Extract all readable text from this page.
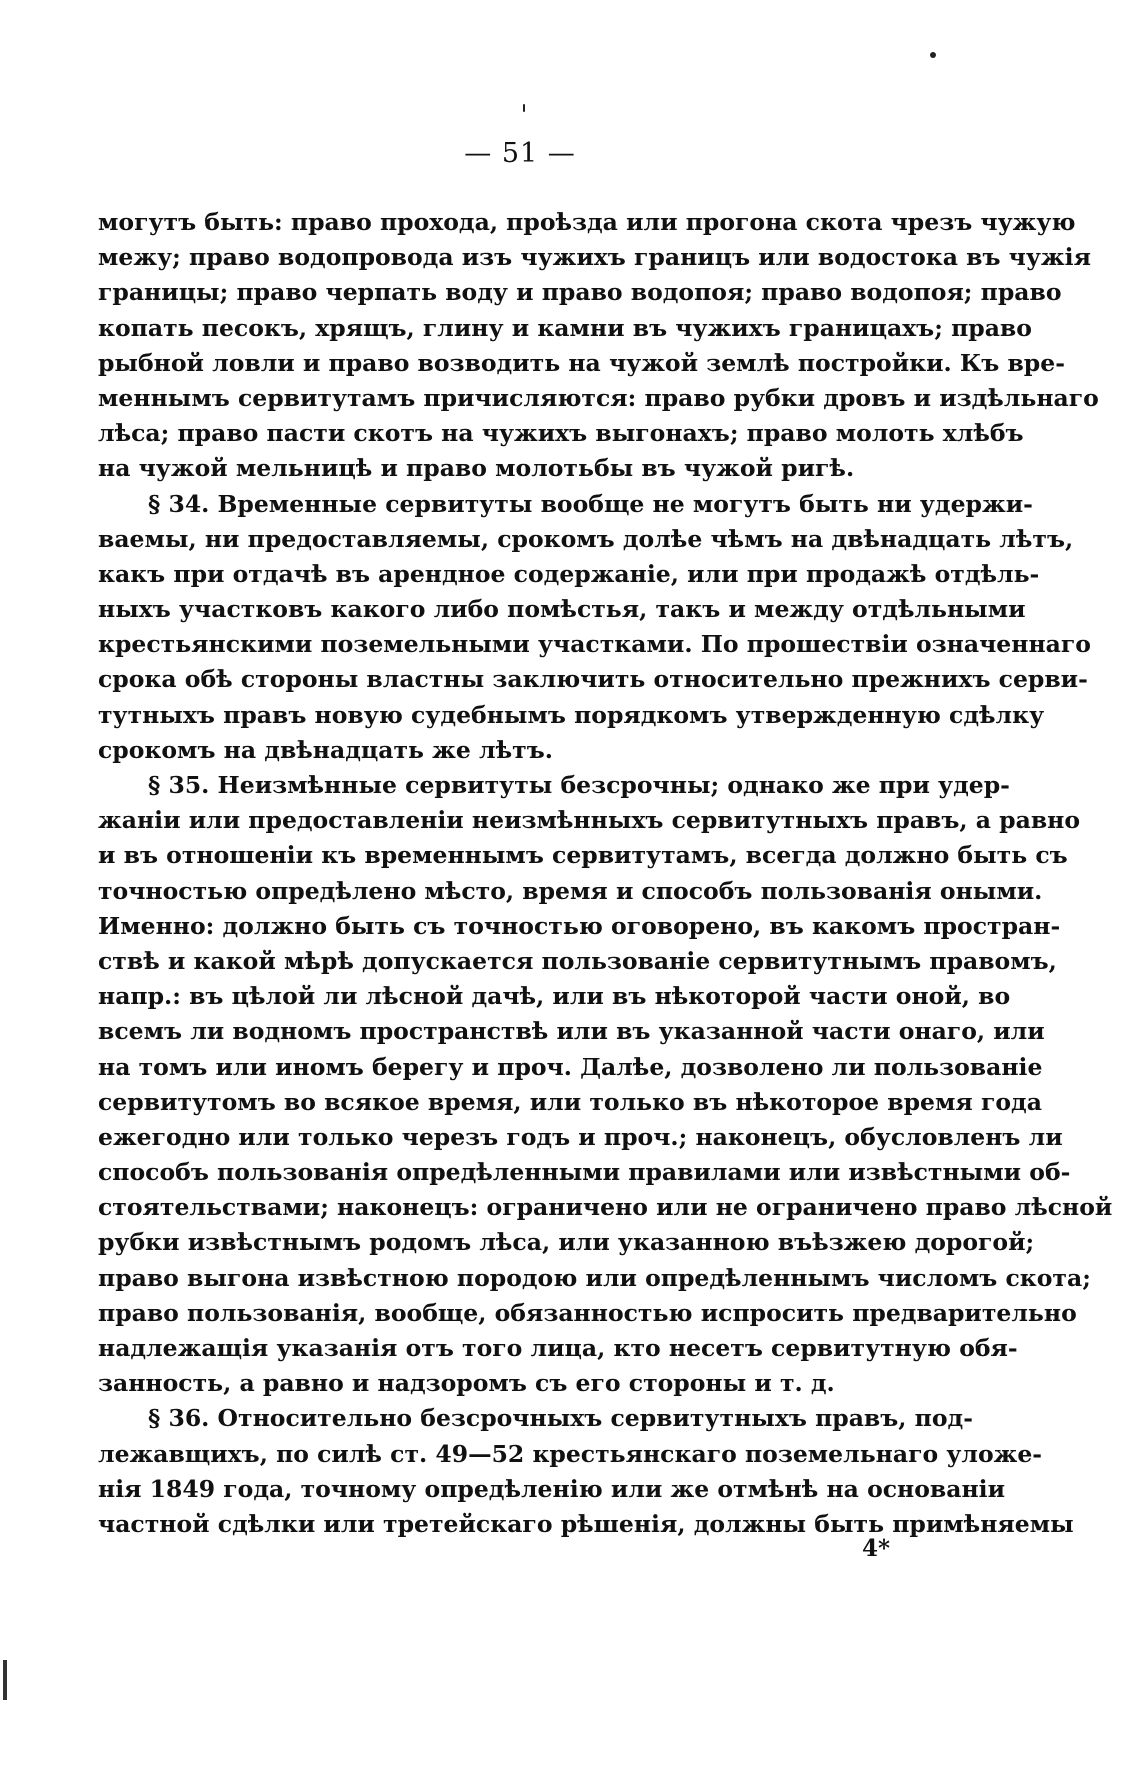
— 51 —
могутъ быть: право прохода, проѣзда или прогона скота чрезъ чужую
межу; право водопровода изъ чужихъ границъ или водостока въ чужія
границы; право черпать воду и право водопоя; право водопоя; право
копать песокъ, хрящъ, глину и камни въ чужихъ границахъ; право
рыбной ловли и право возводить на чужой землѣ постройки. Къ вре-
меннымъ сервитутамъ причисляются: право рубки дровъ и издѣльнаго
лѣса; право пасти скотъ на чужихъ выгонахъ; право молоть хлѣбъ
на чужой мельницѣ и право молотьбы въ чужой ригѣ.
§ 34. Временные сервитуты вообще не могутъ быть ни удержи-
ваемы, ни предоставляемы, срокомъ долѣе чѣмъ на двѣнадцать лѣтъ,
какъ при отдачѣ въ арендное содержаніе, или при продажѣ отдѣль-
ныхъ участковъ какого либо помѣстья, такъ и между отдѣльными
крестьянскими поземельными участками. По прошествіи означеннаго
срока обѣ стороны властны заключить относительно прежнихъ серви-
тутныхъ правъ новую судебнымъ порядкомъ утвержденную сдѣлку
срокомъ на двѣнадцать же лѣтъ.
§ 35. Неизмѣнные сервитуты безсрочны; однако же при удер-
жаніи или предоставленіи неизмѣнныхъ сервитутныхъ правъ, а равно
и въ отношеніи къ временнымъ сервитутамъ, всегда должно быть съ
точностью опредѣлено мѣсто, время и способъ пользованія оными.
Именно: должно быть съ точностью оговорено, въ какомъ простран-
ствѣ и какой мѣрѣ допускается пользованіе сервитутнымъ правомъ,
напр.: въ цѣлой ли лѣсной дачѣ, или въ нѣкоторой части оной, во
всемъ ли водномъ пространствѣ или въ указанной части онаго, или
на томъ или иномъ берегу и проч. Далѣе, дозволено ли пользованіе
сервитутомъ во всякое время, или только въ нѣкоторое время года
ежегодно или только черезъ годъ и проч.; наконецъ, обусловленъ ли
способъ пользованія опредѣленными правилами или извѣстными об-
стоятельствами; наконецъ: ограничено или не ограничено право лѣсной
рубки извѣстнымъ родомъ лѣса, или указанною въѣзжею дорогой;
право выгона извѣстною породою или опредѣленнымъ числомъ скота;
право пользованія, вообще, обязанностью испросить предварительно
надлежащія указанія отъ того лица, кто несетъ сервитутную обя-
занность, а равно и надзоромъ съ его стороны и т. д.
§ 36. Относительно безсрочныхъ сервитутныхъ правъ, под-
лежавщихъ, по силѣ ст. 49—52 крестьянскаго поземельнаго уложе-
нія 1849 года, точному опредѣленію или же отмѣнѣ на основаніи
частной сдѣлки или третейскаго рѣшенія, должны быть примѣняемы
4*
